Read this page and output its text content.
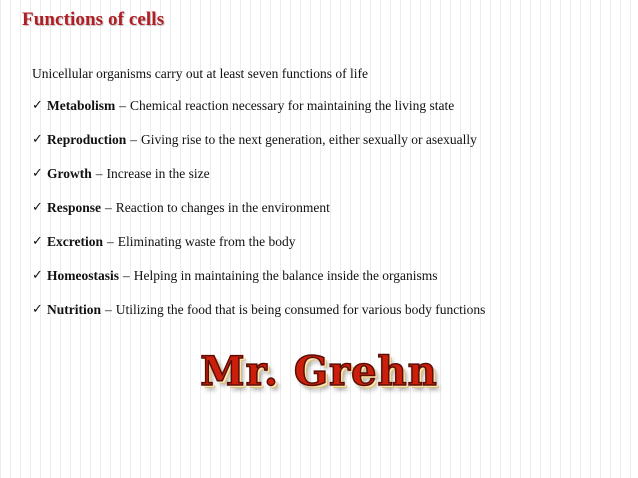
Functions of cells

Unicellular organisms carry out at least seven functions of life

✓ Metabolism – Chemical reaction necessary for maintaining the living state
✓ Reproduction – Giving rise to the next generation, either sexually or asexually
✓ Growth – Increase in the size
✓ Response – Reaction to changes in the environment
✓ Excretion – Eliminating waste from the body
✓ Homeostasis – Helping in maintaining the balance inside the organisms
✓ Nutrition – Utilizing the food that is being consumed for various body functions
Mr. Grehn
